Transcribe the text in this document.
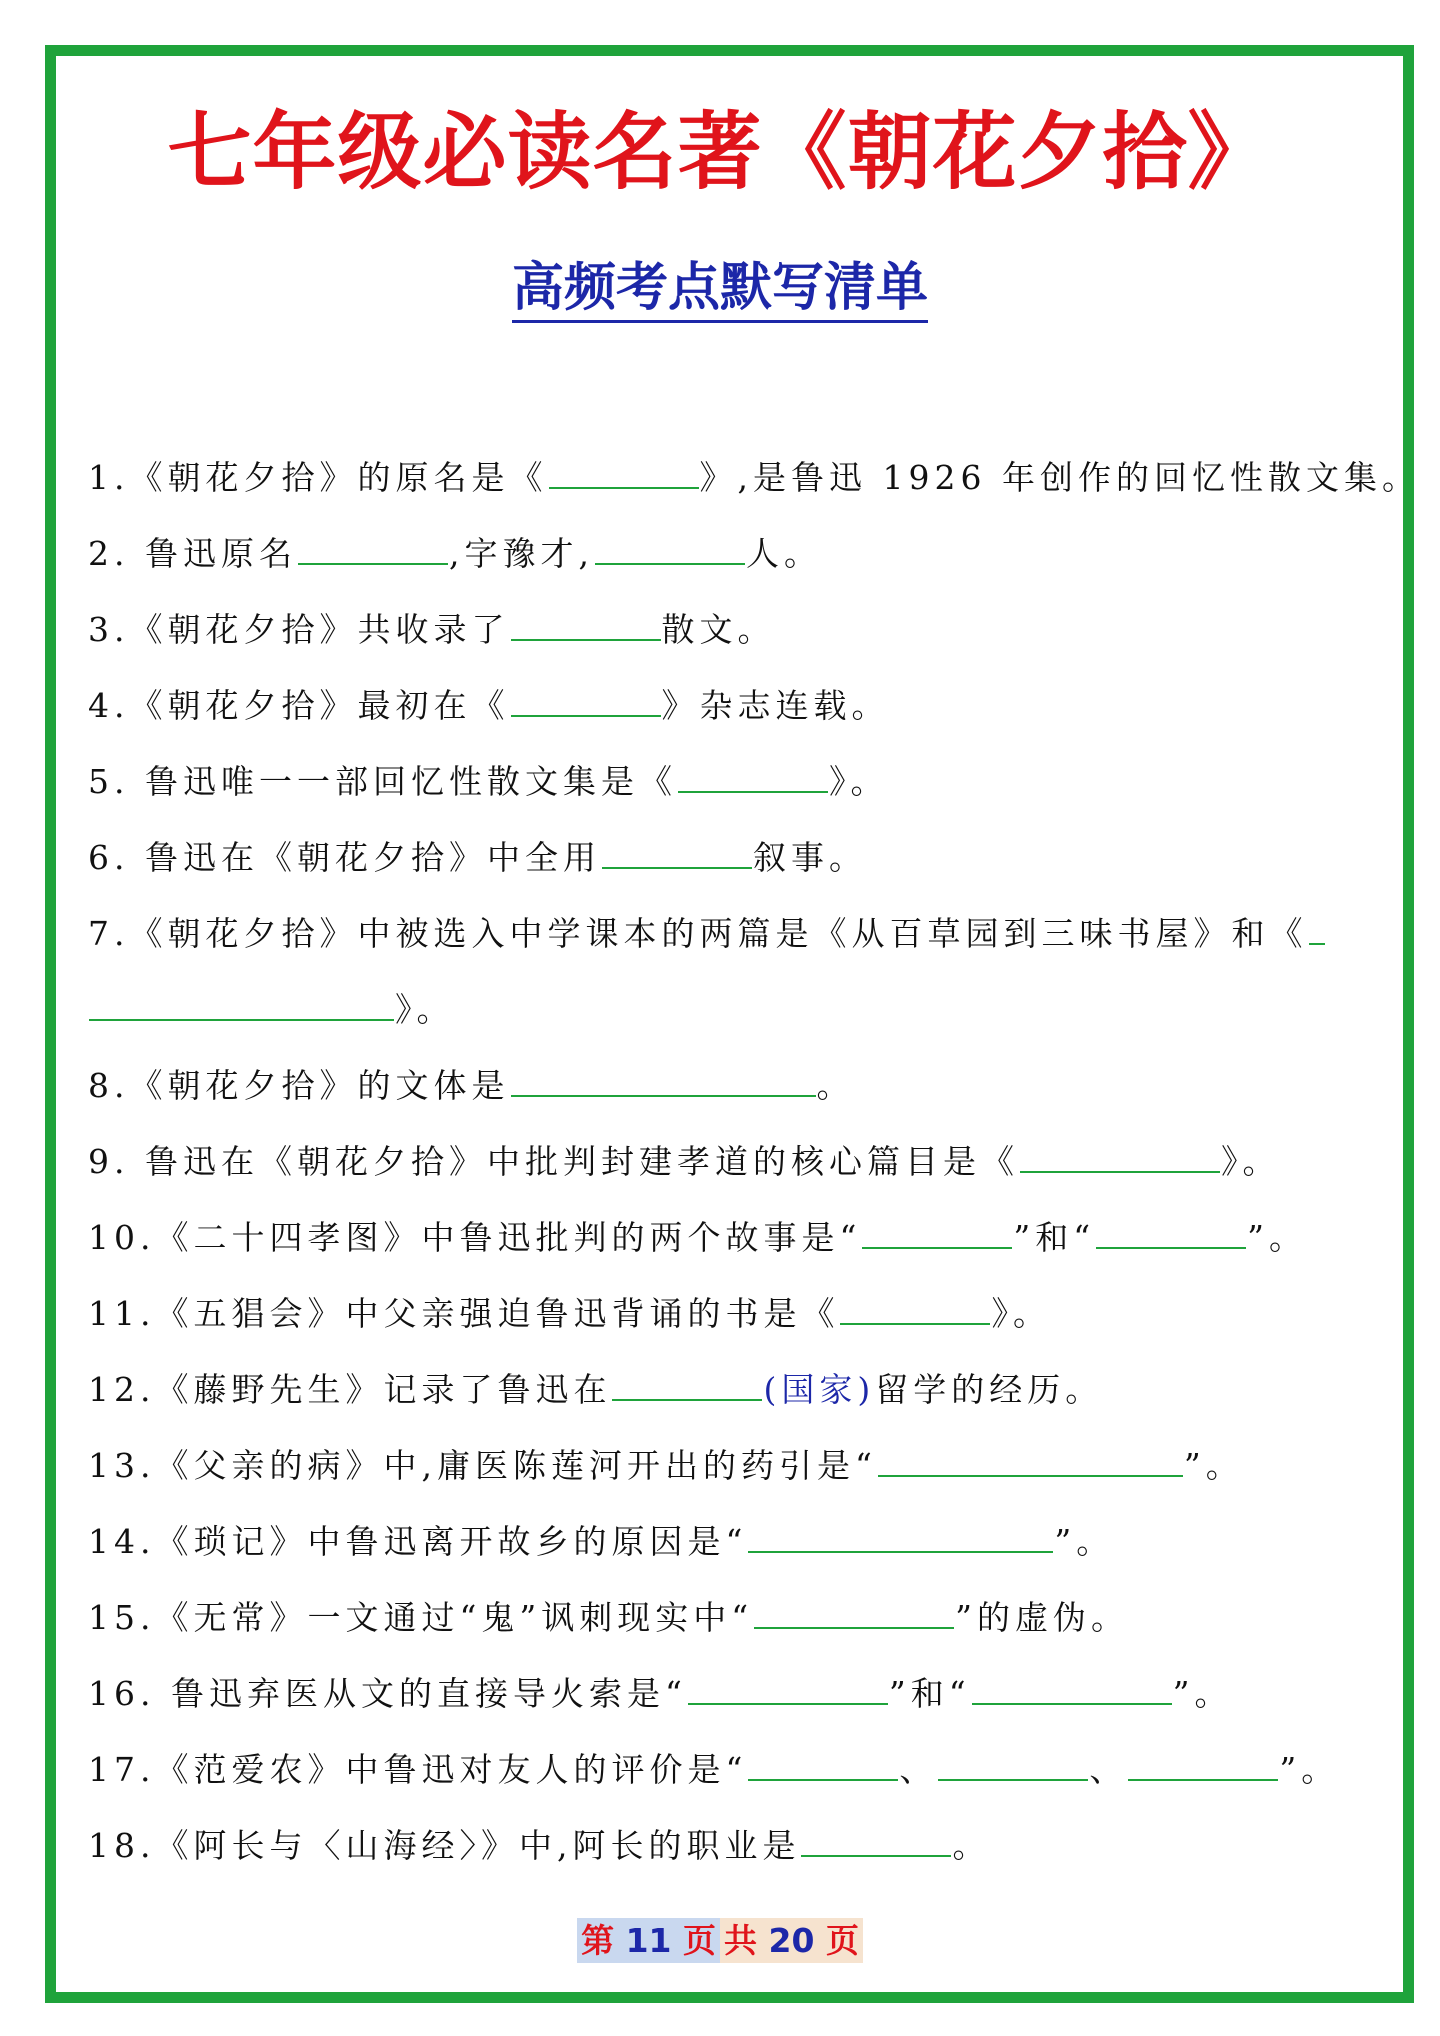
七年级必读名著《朝花夕拾》
高频考点默写清单
1.《朝花夕拾》的原名是《	》,是鲁迅 1926 年创作的回忆性散文集。
2. 鲁迅原名	,字豫才,	人。
3.《朝花夕拾》共收录了	散文。
4.《朝花夕拾》最初在《	》杂志连载。
5. 鲁迅唯一一部回忆性散文集是《	》。
6. 鲁迅在《朝花夕拾》中全用	叙事。
7.《朝花夕拾》中被选入中学课本的两篇是《从百草园到三味书屋》和《
》。
8.《朝花夕拾》的文体是	。
9. 鲁迅在《朝花夕拾》中批判封建孝道的核心篇目是《	》。
10.《二十四孝图》中鲁迅批判的两个故事是“	”和“	”。
11.《五猖会》中父亲强迫鲁迅背诵的书是《	》。
12.《藤野先生》记录了鲁迅在	(国家)留学的经历。
13.《父亲的病》中,庸医陈莲河开出的药引是“	”。
14.《琐记》中鲁迅离开故乡的原因是“	”。
15.《无常》一文通过“鬼”讽刺现实中“	”的虚伪。
16. 鲁迅弃医从文的直接导火索是“	”和“	”。
17.《范爱农》中鲁迅对友人的评价是“	、	、	”。
18.《阿长与〈山海经〉》中,阿长的职业是	。
第 11 页 共 20 页
